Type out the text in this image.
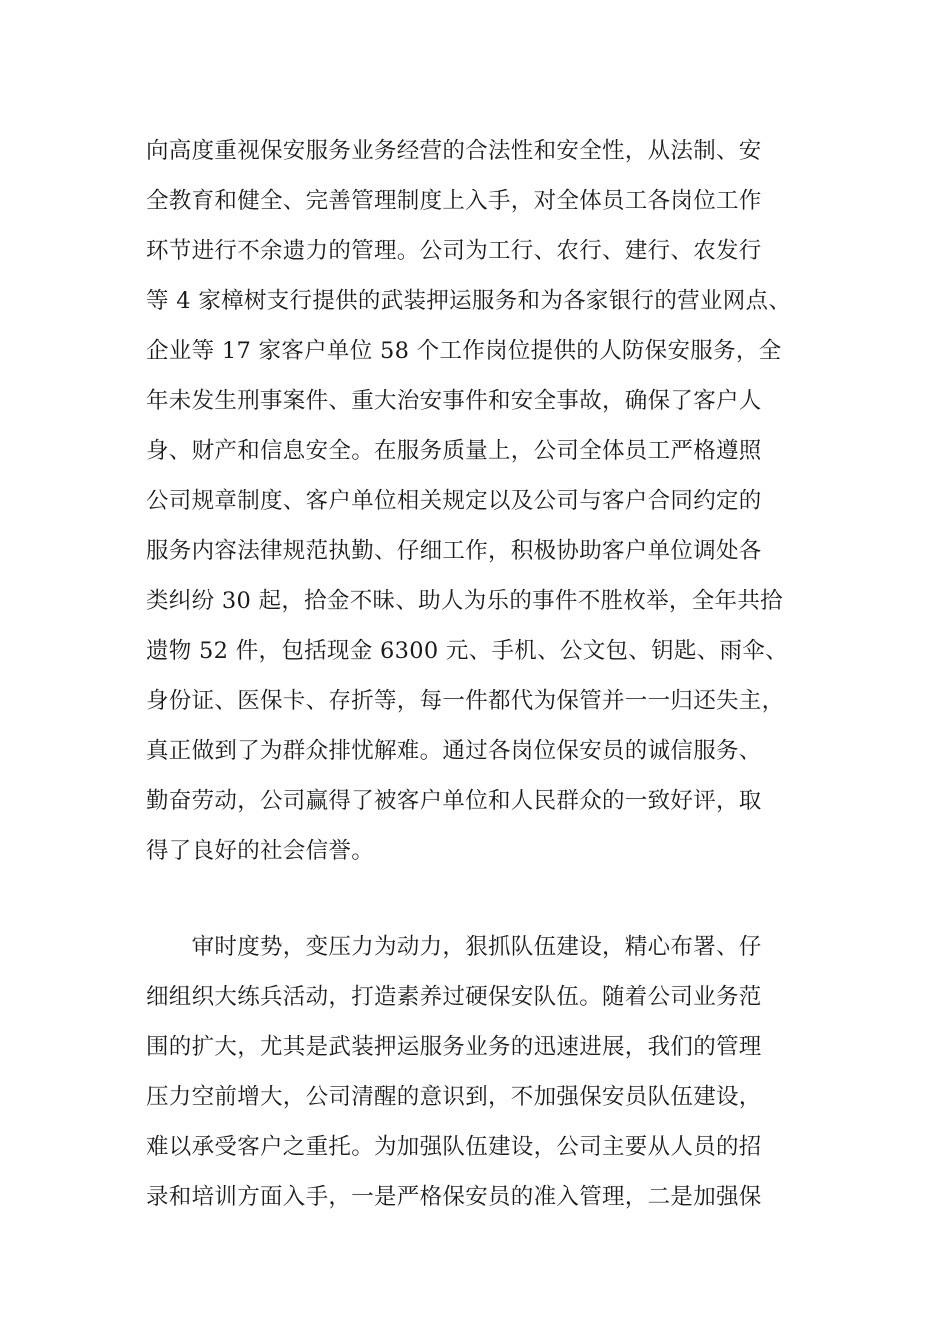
向高度重视保安服务业务经营的合法性和安全性，从法制、安
全教育和健全、完善管理制度上入手，对全体员工各岗位工作
环节进行不余遗力的管理。公司为工行、农行、建行、农发行
等 4 家樟树支行提供的武装押运服务和为各家银行的营业网点、
企业等 17 家客户单位 58 个工作岗位提供的人防保安服务，全
年未发生刑事案件、重大治安事件和安全事故，确保了客户人
身、财产和信息安全。在服务质量上，公司全体员工严格遵照
公司规章制度、客户单位相关规定以及公司与客户合同约定的
服务内容法律规范执勤、仔细工作，积极协助客户单位调处各
类纠纷 30 起，拾金不昧、助人为乐的事件不胜枚举，全年共拾
遗物 52 件，包括现金 6300 元、手机、公文包、钥匙、雨伞、
身份证、医保卡、存折等，每一件都代为保管并一一归还失主，
真正做到了为群众排忧解难。通过各岗位保安员的诚信服务、
勤奋劳动，公司赢得了被客户单位和人民群众的一致好评，取
得了良好的社会信誉。
　　审时度势，变压力为动力，狠抓队伍建设，精心布署、仔
细组织大练兵活动，打造素养过硬保安队伍。随着公司业务范
围的扩大，尤其是武装押运服务业务的迅速进展，我们的管理
压力空前增大，公司清醒的意识到，不加强保安员队伍建设，
难以承受客户之重托。为加强队伍建设，公司主要从人员的招
录和培训方面入手，一是严格保安员的准入管理，二是加强保
